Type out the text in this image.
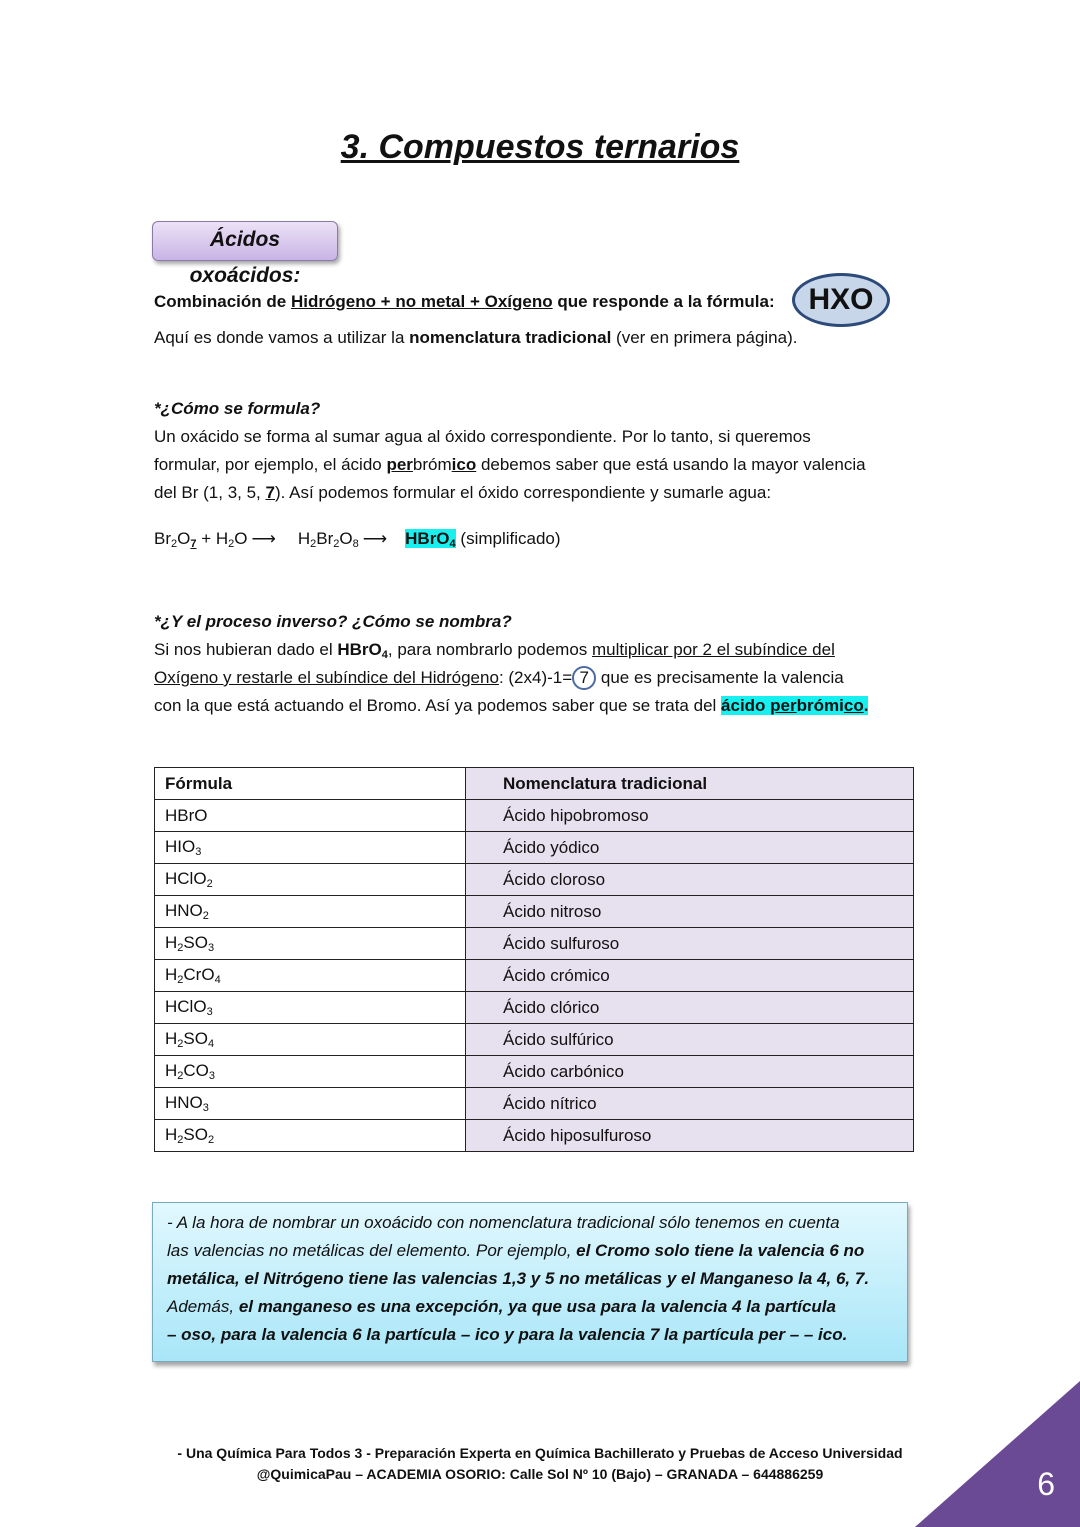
3. Compuestos ternarios
Ácidos oxoácidos:
Combinación de Hidrógeno + no metal + Oxígeno que responde a la fórmula:	HXO
Aquí es donde vamos a utilizar la nomenclatura tradicional (ver en primera página).
*¿Cómo se formula?
Un oxácido se forma al sumar agua al óxido correspondiente. Por lo tanto, si queremos
formular, por ejemplo, el ácido perbrómico debemos saber que está usando la mayor valencia
del Br (1, 3, 5, 7). Así podemos formular el óxido correspondiente y sumarle agua:
$Br_2O_7 + H_2O$ ⟶ $H_2Br_2O_8$ ⟶ HBrO$_4$ (simplificado)
*¿Y el proceso inverso? ¿Cómo se nombra?
Si nos hubieran dado el HBrO$_4$, para nombrarlo podemos multiplicar por 2 el subíndice del
Oxígeno y restarle el subíndice del Hidrógeno: (2x4)-1= 7 que es precisamente la valencia
con la que está actuando el Bromo. Así ya podemos saber que se trata del ácido perbrómico.
Fórmula	Nomenclatura tradicional
HBrO	Ácido hipobromoso
$HIO_3$	Ácido yódico
HClO$_2$	Ácido cloroso
$HNO_2$	Ácido nitroso
$H_2SO_3$	Ácido sulfuroso
$H_2CrO_4$	Ácido crómico
HClO$_3$	Ácido clórico
$H_2SO_4$	Ácido sulfúrico
$H_2CO_3$	Ácido carbónico
$HNO_3$	Ácido nítrico
$H_2SO_2$	Ácido hiposulfuroso
- A la hora de nombrar un oxoácido con nomenclatura tradicional sólo tenemos en cuenta
las valencias no metálicas del elemento. Por ejemplo, el Cromo solo tiene la valencia 6 no
metálica, el Nitrógeno tiene las valencias 1,3 y 5 no metálicas y el Manganeso la 4, 6, 7.
Además, el manganeso es una excepción, ya que usa para la valencia 4 la partícula
– oso, para la valencia 6 la partícula – ico y para la valencia 7 la partícula per – – ico.
- Una Química Para Todos 3 - Preparación Experta en Química Bachillerato y Pruebas de Acceso Universidad
@QuimicaPau – ACADEMIA OSORIO: Calle Sol Nº 10 (Bajo) – GRANADA – 644886259	6
